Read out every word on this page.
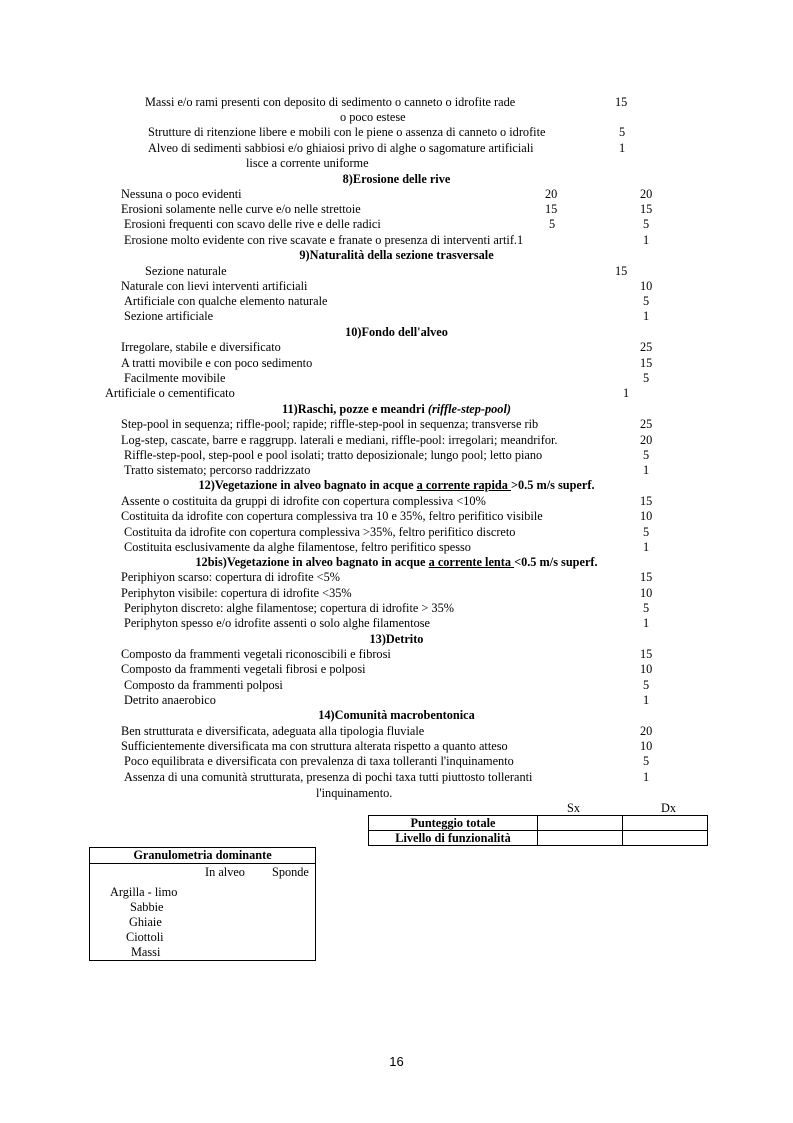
Massi e/o rami presenti con deposito di sedimento o canneto o idrofite rade	15
o poco estese
Strutture di ritenzione libere e mobili con le piene o assenza di canneto o idrofite	5
Alveo di sedimenti sabbiosi e/o ghiaiosi privo di alghe o sagomature artificiali	1
lisce a corrente uniforme
8)Erosione delle rive
Nessuna o poco evidenti	20	20
Erosioni solamente nelle curve e/o nelle strettoie	15	15
Erosioni frequenti con scavo delle rive e delle radici	5	5
Erosione molto evidente con rive scavate e franate o presenza di interventi artif.1	1
9)Naturalità della sezione trasversale
Sezione naturale	15
Naturale con lievi interventi artificiali	10
Artificiale con qualche elemento naturale	5
Sezione artificiale	1
10)Fondo dell'alveo
Irregolare, stabile e diversificato	25
A tratti movibile e con poco sedimento	15
Facilmente movibile	5
Artificiale o cementificato	1
11)Raschi, pozze e meandri (riffle-step-pool)
Step-pool in sequenza; riffle-pool; rapide; riffle-step-pool in sequenza; transverse rib	25
Log-step, cascate, barre e raggrupp. laterali e mediani, riffle-pool: irregolari; meandrifor.	20
Riffle-step-pool, step-pool e pool isolati; tratto deposizionale; lungo pool; letto piano	5
Tratto sistemato; percorso raddrizzato	1
12)Vegetazione in alveo bagnato in acque a corrente rapida >0.5 m/s superf.
Assente o costituita da gruppi di idrofite con copertura complessiva <10%	15
Costituita da idrofite con copertura complessiva tra 10 e 35%, feltro perifitico visibile	10
Costituita da idrofite con copertura complessiva >35%, feltro perifitico discreto	5
Costituita esclusivamente da alghe filamentose, feltro perifitico spesso	1
12bis)Vegetazione in alveo bagnato in acque a corrente lenta <0.5 m/s superf.
Periphiyon scarso: copertura di idrofite <5%	15
Periphyton visibile: copertura di idrofite <35%	10
Periphyton discreto: alghe filamentose; copertura di idrofite > 35%	5
Periphyton spesso e/o idrofite assenti o solo alghe filamentose	1
13)Detrito
Composto da frammenti vegetali riconoscibili e fibrosi	15
Composto da frammenti vegetali fibrosi e polposi	10
Composto da frammenti polposi	5
Detrito anaerobico	1
14)Comunità macrobentonica
Ben strutturata e diversificata, adeguata alla tipologia fluviale	20
Sufficientemente diversificata ma con struttura alterata rispetto a quanto atteso	10
Poco equilibrata e diversificata con prevalenza di taxa tolleranti l'inquinamento	5
Assenza di una comunità strutturata, presenza di pochi taxa tutti piuttosto tolleranti	1
l'inquinamento.
Sx	Dx
Punteggio totale		
Livello di funzionalità		
Granulometria dominante
In alveo Sponde
Argilla - limo
Sabbie
Ghiaie
Ciottoli
Massi
16
